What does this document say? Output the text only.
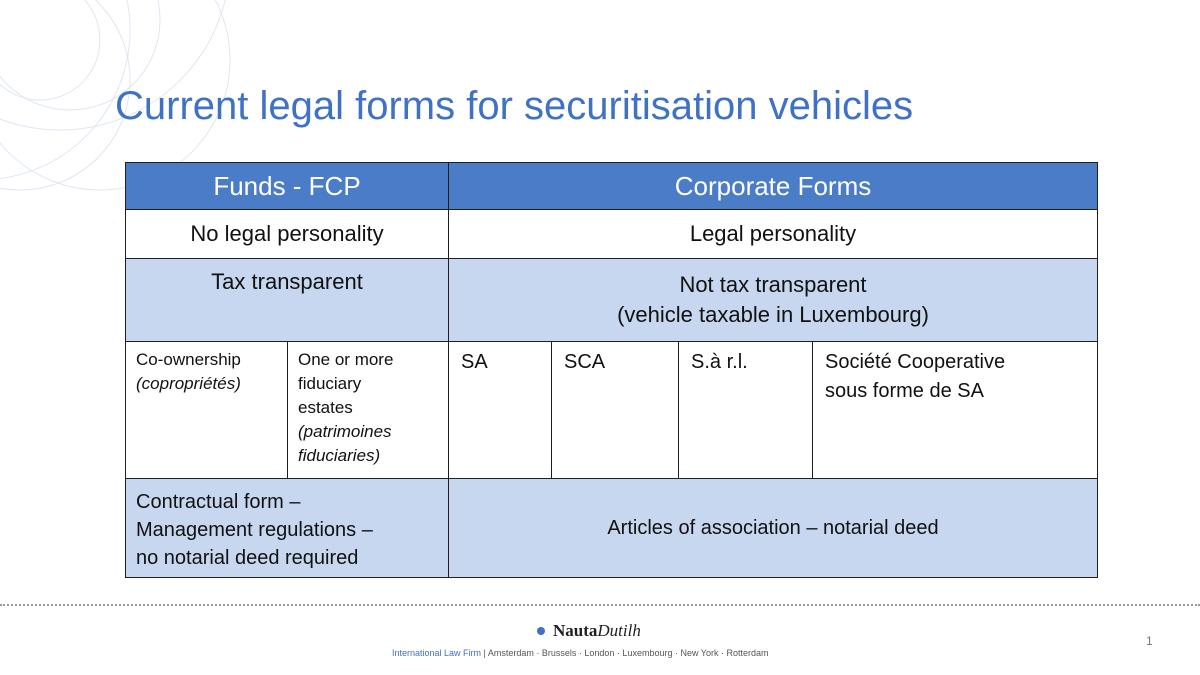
Current legal forms for securitisation vehicles
Funds - FCP		Corporate Forms			
No legal personality		Legal personality			
Tax transparent		Not tax transparent
(vehicle taxable in Luxembourg)			

Co-ownership
(copropriétés)	One or more
fiduciary
estates
(patrimoines
fiduciaries)	SA	SCA	S.à r.l.	Société Cooperative
sous forme de SA

Contractual form –
Management regulations –
no notarial deed required		Articles of association – notarial deed			
Nauta Dutilh
International Law Firm | Amsterdam · Brussels · London · Luxembourg · New York · Rotterdam
1
